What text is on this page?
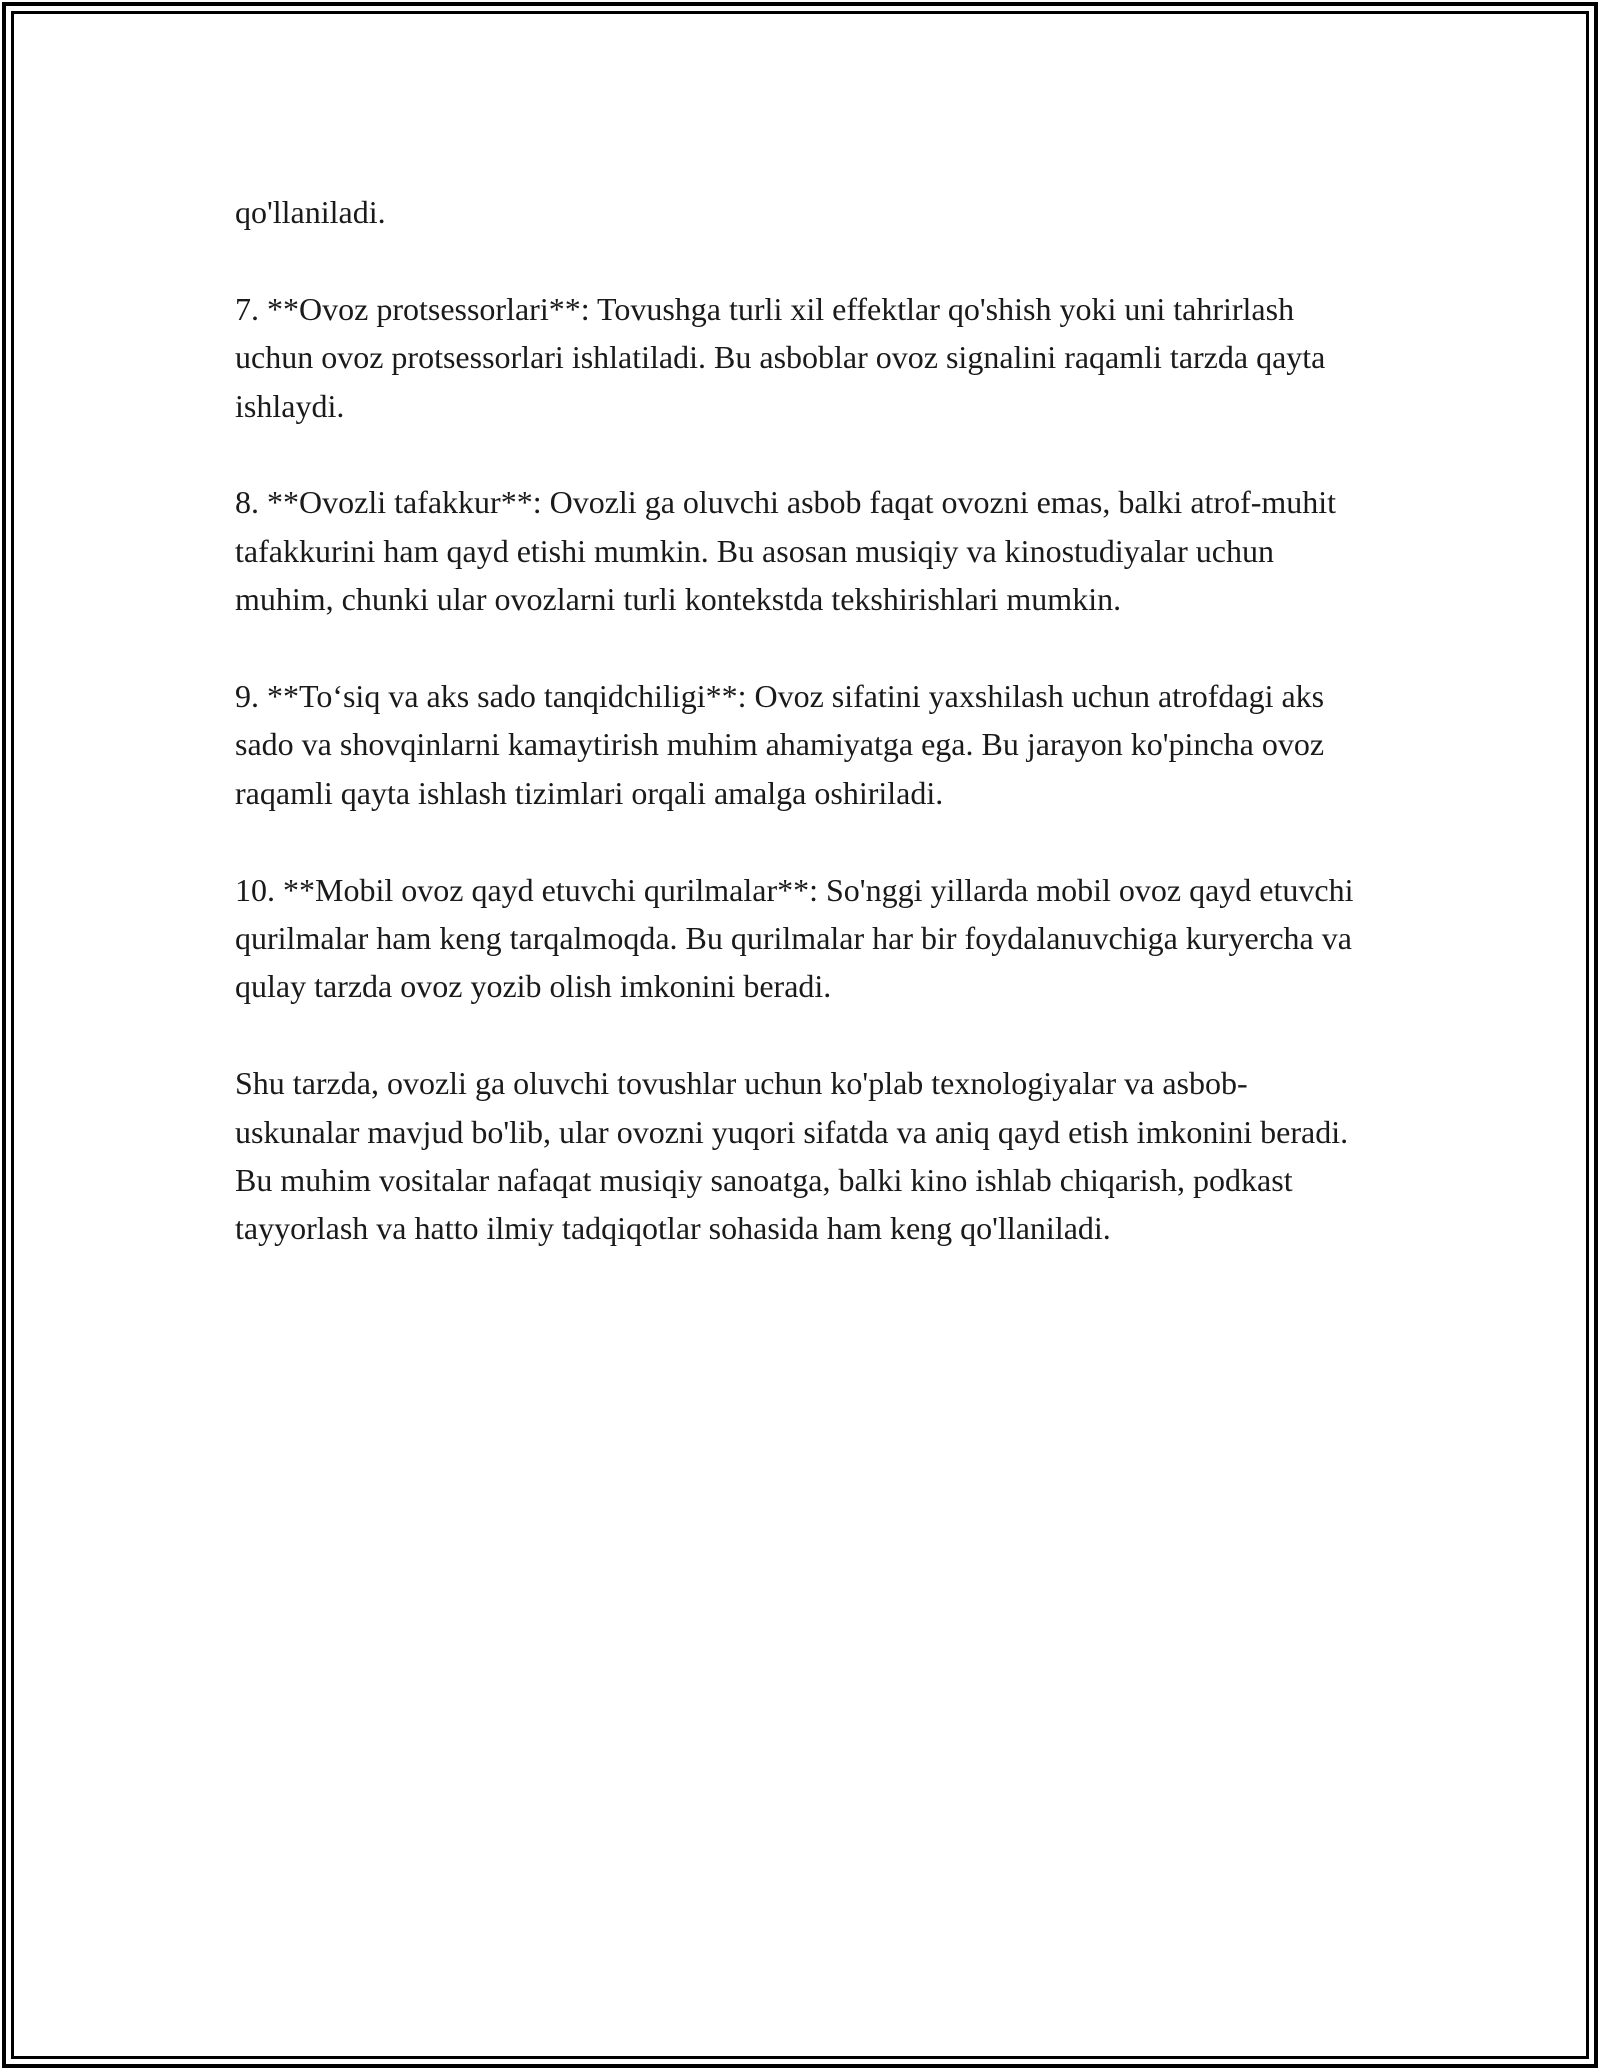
qo'llaniladi.

7. **Ovoz protsessorlari**: Tovushga turli xil effektlar qo'shish yoki uni tahrirlash uchun ovoz protsessorlari ishlatiladi. Bu asboblar ovoz signalini raqamli tarzda qayta ishlaydi.

8. **Ovozli tafakkur**: Ovozli ga oluvchi asbob faqat ovozni emas, balki atrof-muhit tafakkurini ham qayd etishi mumkin. Bu asosan musiqiy va kinostudiyalar uchun muhim, chunki ular ovozlarni turli kontekstda tekshirishlari mumkin.

9. **To‘siq va aks sado tanqidchiligi**: Ovoz sifatini yaxshilash uchun atrofdagi aks sado va shovqinlarni kamaytirish muhim ahamiyatga ega. Bu jarayon ko'pincha ovoz raqamli qayta ishlash tizimlari orqali amalga oshiriladi.

10. **Mobil ovoz qayd etuvchi qurilmalar**: So'nggi yillarda mobil ovoz qayd etuvchi qurilmalar ham keng tarqalmoqda. Bu qurilmalar har bir foydalanuvchiga kuryercha va qulay tarzda ovoz yozib olish imkonini beradi.

Shu tarzda, ovozli ga oluvchi tovushlar uchun ko'plab texnologiyalar va asbob-uskunalar mavjud bo'lib, ular ovozni yuqori sifatda va aniq qayd etish imkonini beradi. Bu muhim vositalar nafaqat musiqiy sanoatga, balki kino ishlab chiqarish, podkast tayyorlash va hatto ilmiy tadqiqotlar sohasida ham keng qo'llaniladi.
